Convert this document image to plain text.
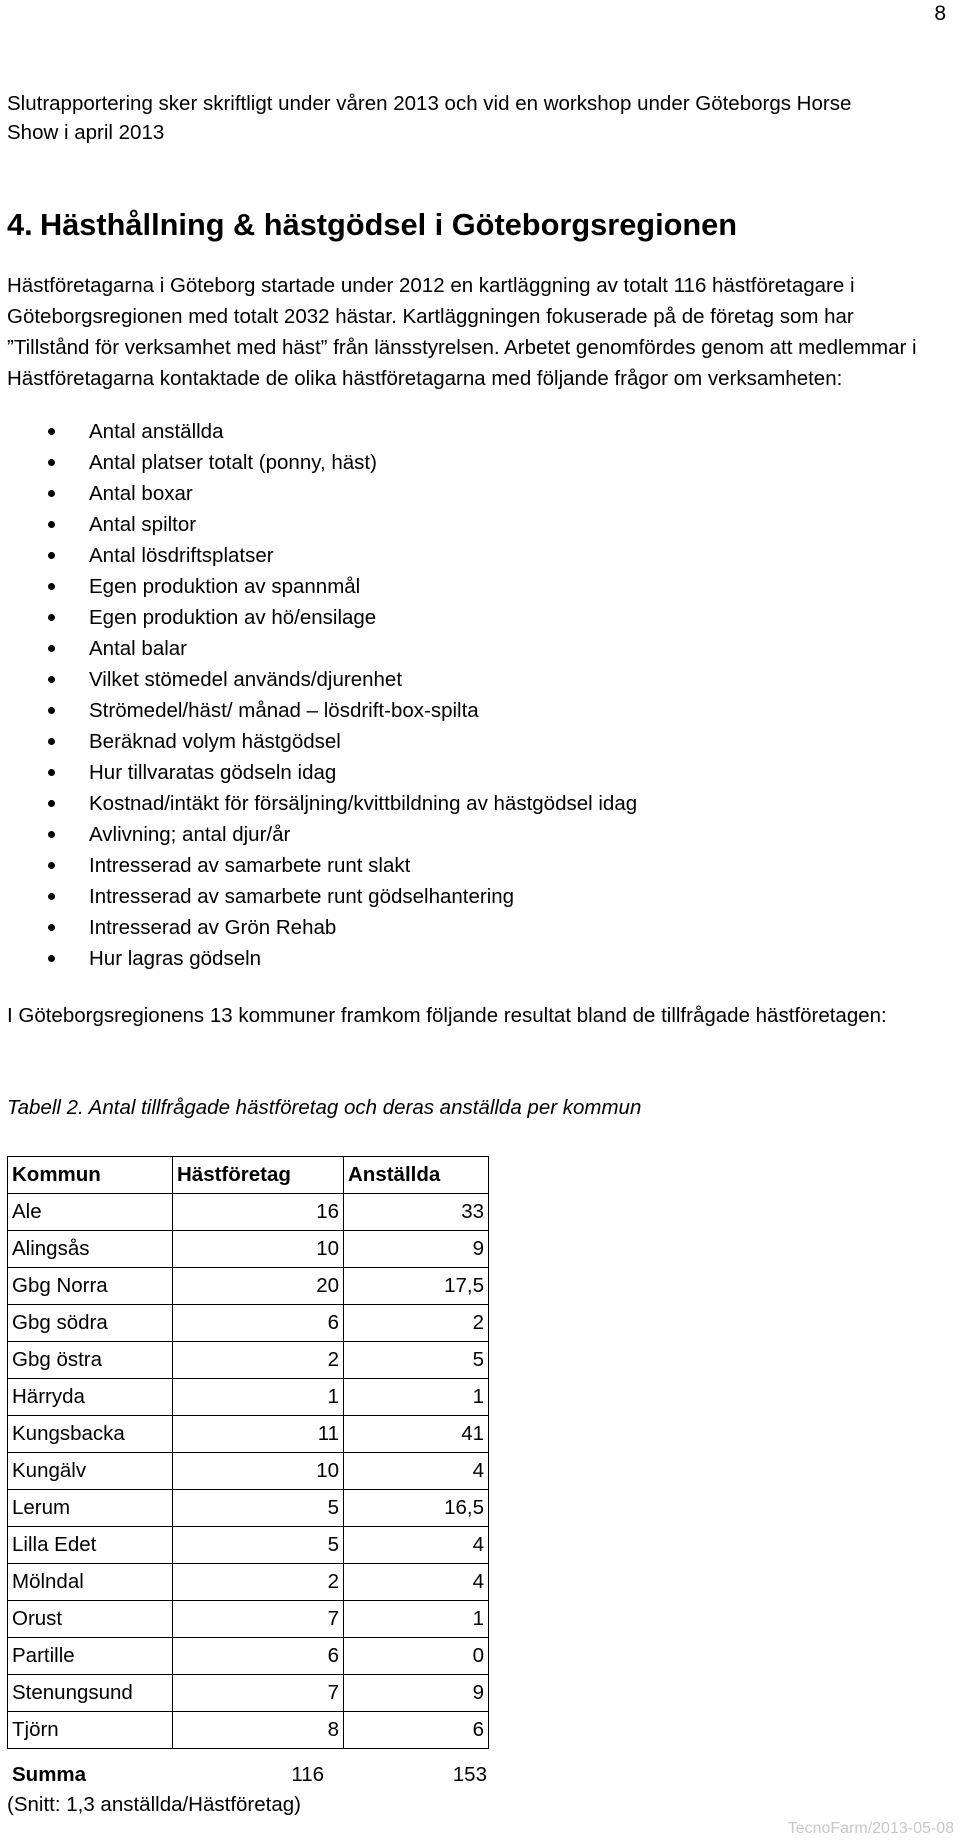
8

Slutrapportering sker skriftligt under våren 2013 och vid en workshop under Göteborgs Horse Show i april 2013

4. Hästhållning & hästgödsel i Göteborgsregionen

Hästföretagarna i Göteborg startade under 2012 en kartläggning av totalt 116 hästföretagare i Göteborgsregionen med totalt 2032 hästar. Kartläggningen fokuserade på de företag som har ”Tillstånd för verksamhet med häst” från länsstyrelsen. Arbetet genomfördes genom att medlemmar i Hästföretagarna kontaktade de olika hästföretagarna med följande frågor om verksamheten:

Antal anställda
Antal platser totalt (ponny, häst)
Antal boxar
Antal spiltor
Antal lösdriftsplatser
Egen produktion av spannmål
Egen produktion av hö/ensilage
Antal balar
Vilket stömedel används/djurenhet
Strömedel/häst/ månad – lösdrift-box-spilta
Beräknad volym hästgödsel
Hur tillvaratas gödseln idag
Kostnad/intäkt för försäljning/kvittbildning av hästgödsel idag
Avlivning; antal djur/år
Intresserad av samarbete runt slakt
Intresserad av samarbete runt gödselhantering
Intresserad av Grön Rehab
Hur lagras gödseln

I Göteborgsregionens 13 kommuner framkom följande resultat bland de tillfrågade hästföretagen:

Tabell 2. Antal tillfrågade hästföretag och deras anställda per kommun

Kommun	Hästföretag	Anställda
Ale	16	33
Alingsås	10	9
Gbg Norra	20	17,5
Gbg södra	6	2
Gbg östra	2	5
Härryda	1	1
Kungsbacka	11	41
Kungälv	10	4
Lerum	5	16,5
Lilla Edet	5	4
Mölndal	2	4
Orust	7	1
Partille	6	0
Stenungsund	7	9
Tjörn	8	6
Summa	116	153

(Snitt: 1,3 anställda/Hästföretag)

TecnoFarm/2013-05-08
